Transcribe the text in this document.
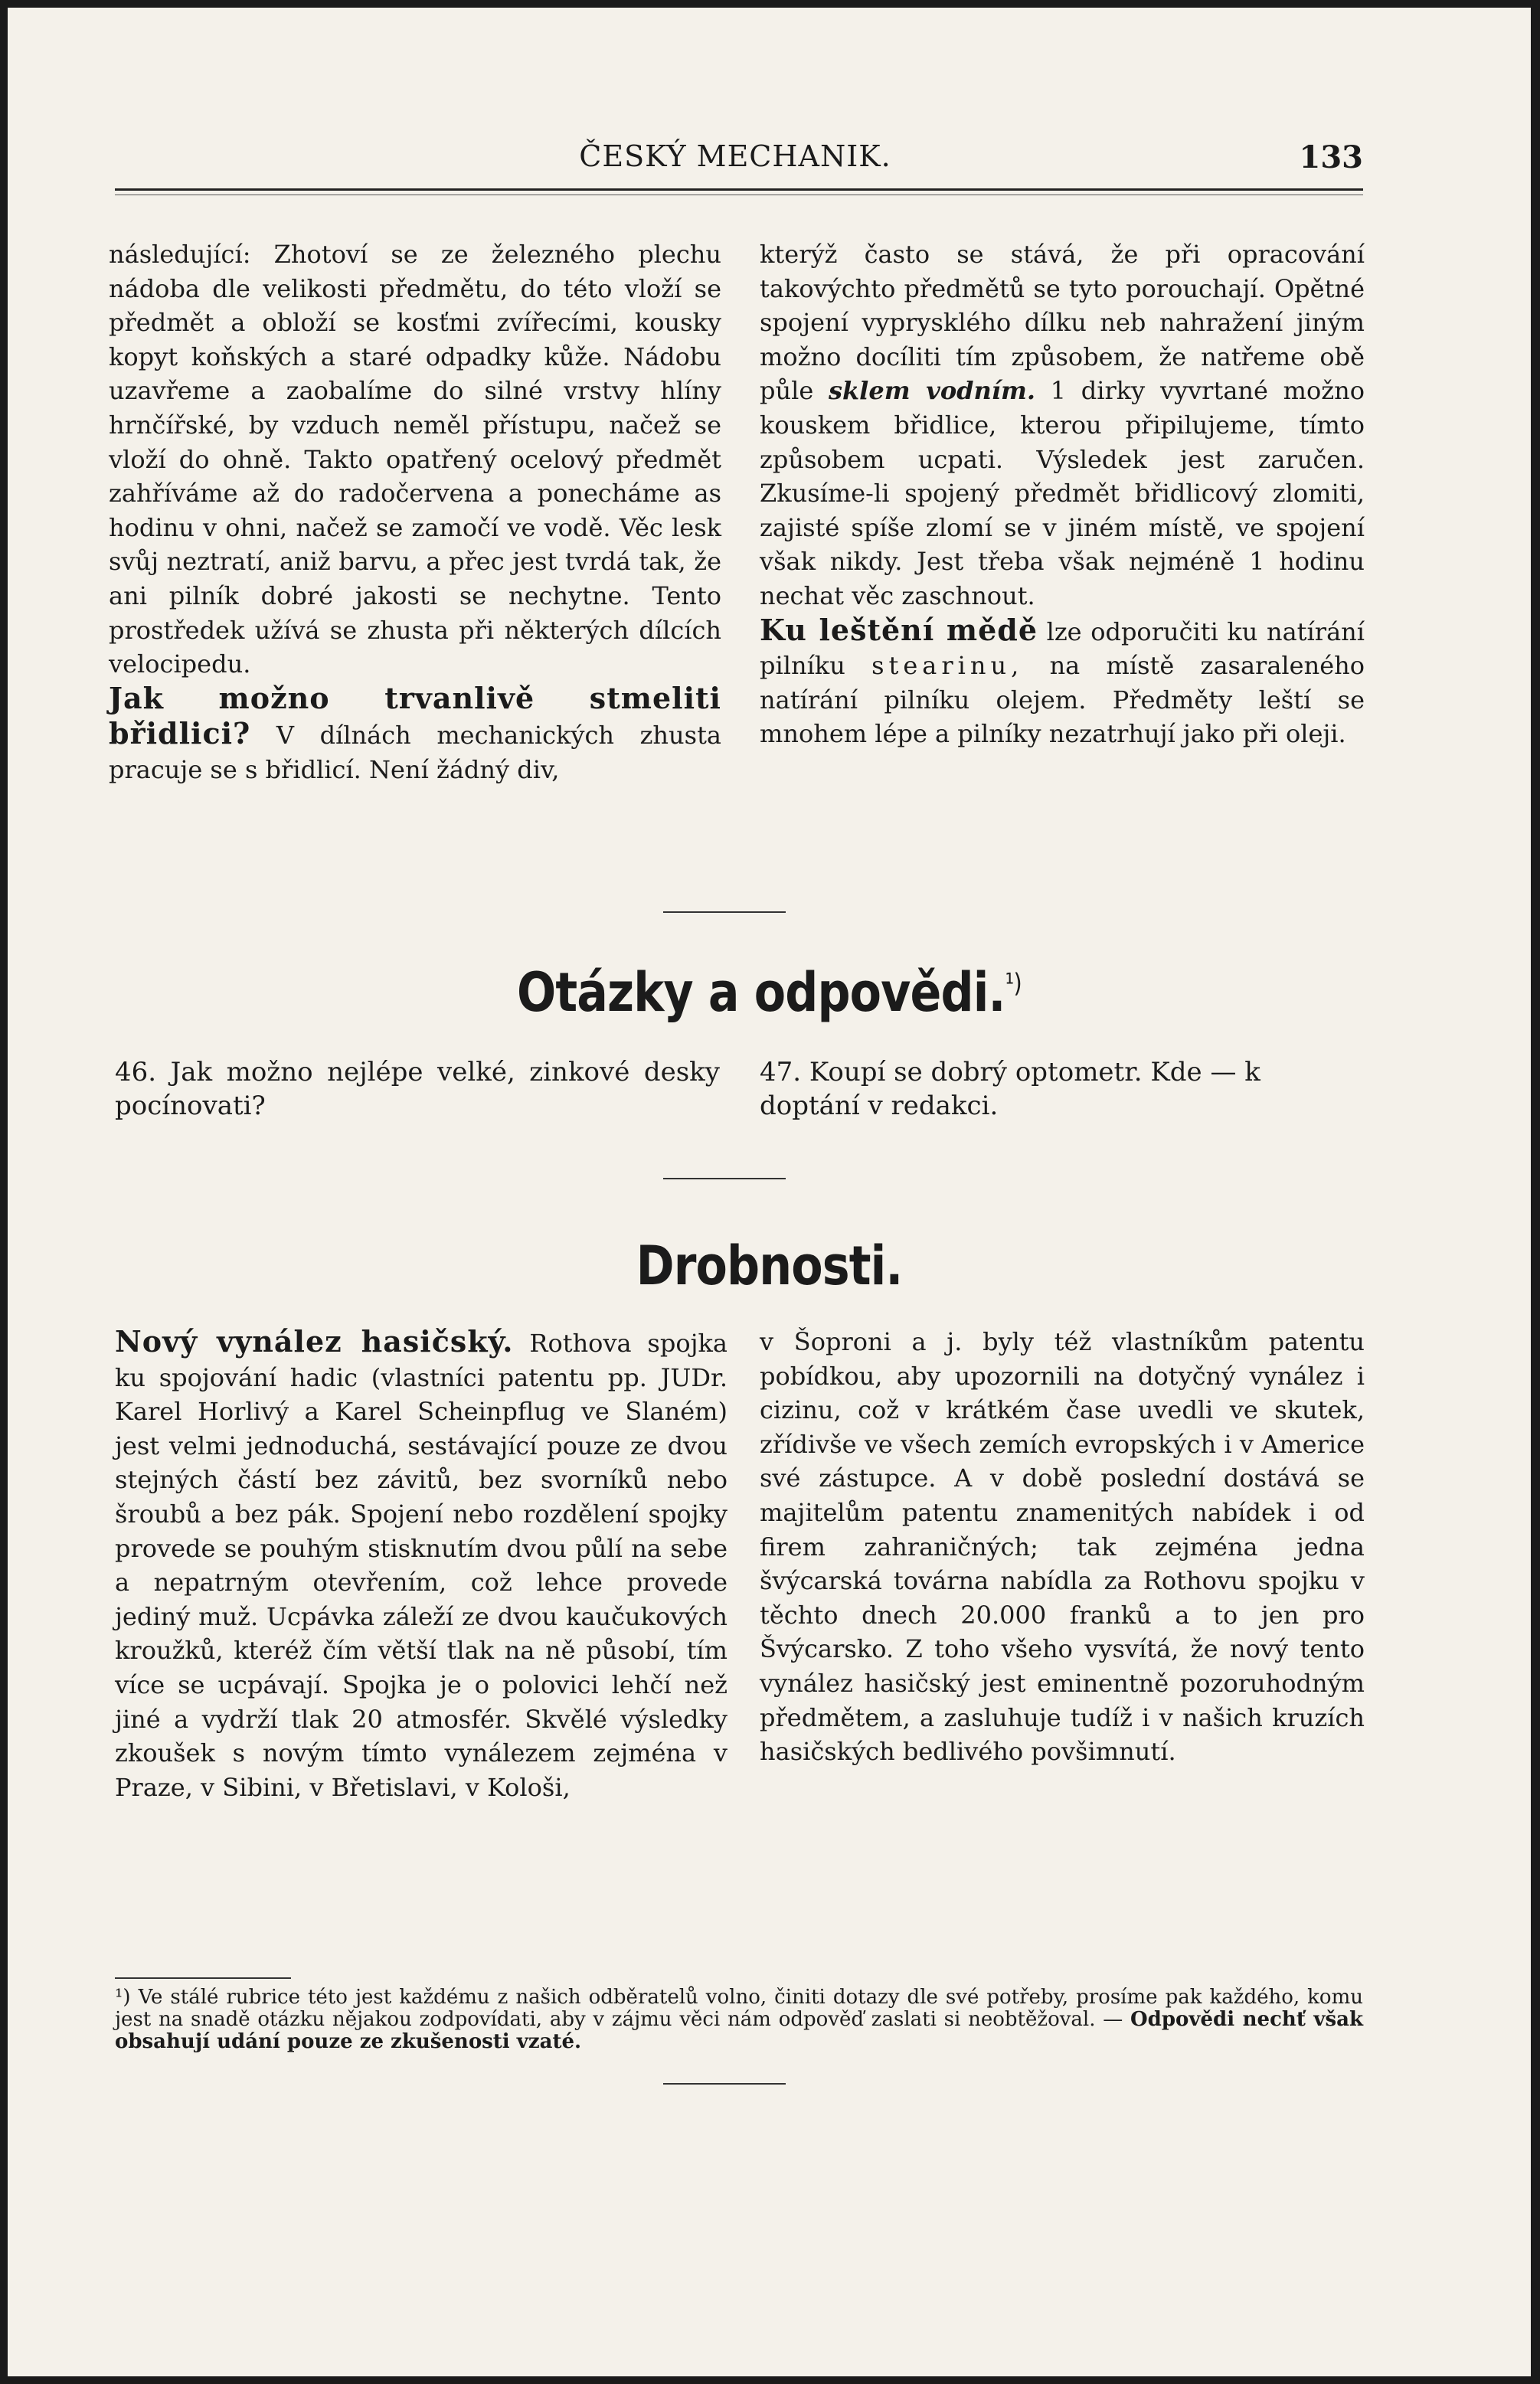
ČESKÝ MECHANIK.	133

následující: Zhotoví se ze železného plechu nádoba dle velikosti předmětu, do této vloží se předmět a obloží se kosťmi zvířecími, kousky kopyt koňských a staré odpadky kůže. Nádobu uzavřeme a zaobalíme do silné vrstvy hlíny hrnčířské, by vzduch neměl přístupu, načež se vloží do ohně. Takto opatřený ocelový předmět zahříváme až do radočervena a ponecháme as hodinu v ohni, načež se zamočí ve vodě. Věc lesk svůj neztratí, aniž barvu, a přec jest tvrdá tak, že ani pilník dobré jakosti se nechytne. Tento prostředek užívá se zhusta při některých dílcích velocipedu.

Jak možno trvanlivě stmeliti břidlici? V dílnách mechanických zhusta pracuje se s břidlicí. Není žádný div,

kterýž často se stává, že při opracování takovýchto předmětů se tyto porouchají. Opětné spojení vypryskléhо dílku neb nahražení jiným možno docíliti tím způsobem, že natřeme obě půle sklem vodním. 1 dirky vyvrtané možno kouskem břidlice, kterou připilujeme, tímto způsobem ucpati. Výsledek jest zaručen. Zkusíme-li spojený předmět břidlicový zlomiti, zajisté spíše zlomí se v jiném místě, ve spojení však nikdy. Jest třeba však nejméně 1 hodinu nechat věc zaschnout.

Ku leštění mědě lze odporučiti ku natírání pilníku stearinu, na místě zasaraleného natírání pilníku olejem. Předměty leští se mnohem lépe a pilníky nezatrhují jako při oleji.

Otázky a odpovědi.$^{^1)}$
46. Jak možno nejlépe velké, zinkové desky pocínovati?
47. Koupí se dobrý optometr. Kde — k doptání v redakci.
Drobnosti.

Nový vynález hasičský. Rothova spojka ku spojování hadic (vlastníci patentu pp. JUDr. Karel Horlivý a Karel Scheinpflug ve Slaném) jest velmi jednoduchá, sestávající pouze ze dvou stejných částí bez závitů, bez svorníků nebo šroubů a bez pák. Spojení nebo rozdělení spojky provede se pouhým stisknutím dvou půlí na sebe a nepatrným otevřením, což lehce provede jediný muž. Ucpávka záleží ze dvou kaučukových kroužků, kteréž čím větší tlak na ně působí, tím více se ucpávají. Spojka je o polovici lehčí než jiné a vydrží tlak 20 atmosfér. Skvělé výsledky zkoušek s novým tímto vynálezem zejména v Praze, v Sibini, v Břetislavi, v Kološi,

v Šoproni a j. byly též vlastníkům patentu pobídkou, aby upozornili na dotyčný vynález i cizinu, což v krátkém čase uvedli ve skutek, zřídivše ve všech zemích evropských i v Americe své zástupce. A v době poslední dostává se majitelům patentu znamenitých nabídek i od firem zahraničných; tak zejména jedna švýcarská továrna nabídla za Rothovu spojku v těchto dnech 20.000 franků a to jen pro Švýcarsko. Z toho všeho vysvítá, že nový tento vynález hasičský jest eminentně pozoruhodným předmětem, a zasluhuje tudíž i v našich kruzích hasičských bedlivého povšimnutí.

¹) Ve stálé rubrice této jest každému z našich odběratelů volno, činiti dotazy dle své potřeby, prosíme pak každého, komu jest na snadě otázku nějakou zodpovídati, aby v zájmu věci nám odpověď zaslati si neobtěžoval. — Odpovědi nechť však obsahují udání pouze ze zkušenosti vzaté.
